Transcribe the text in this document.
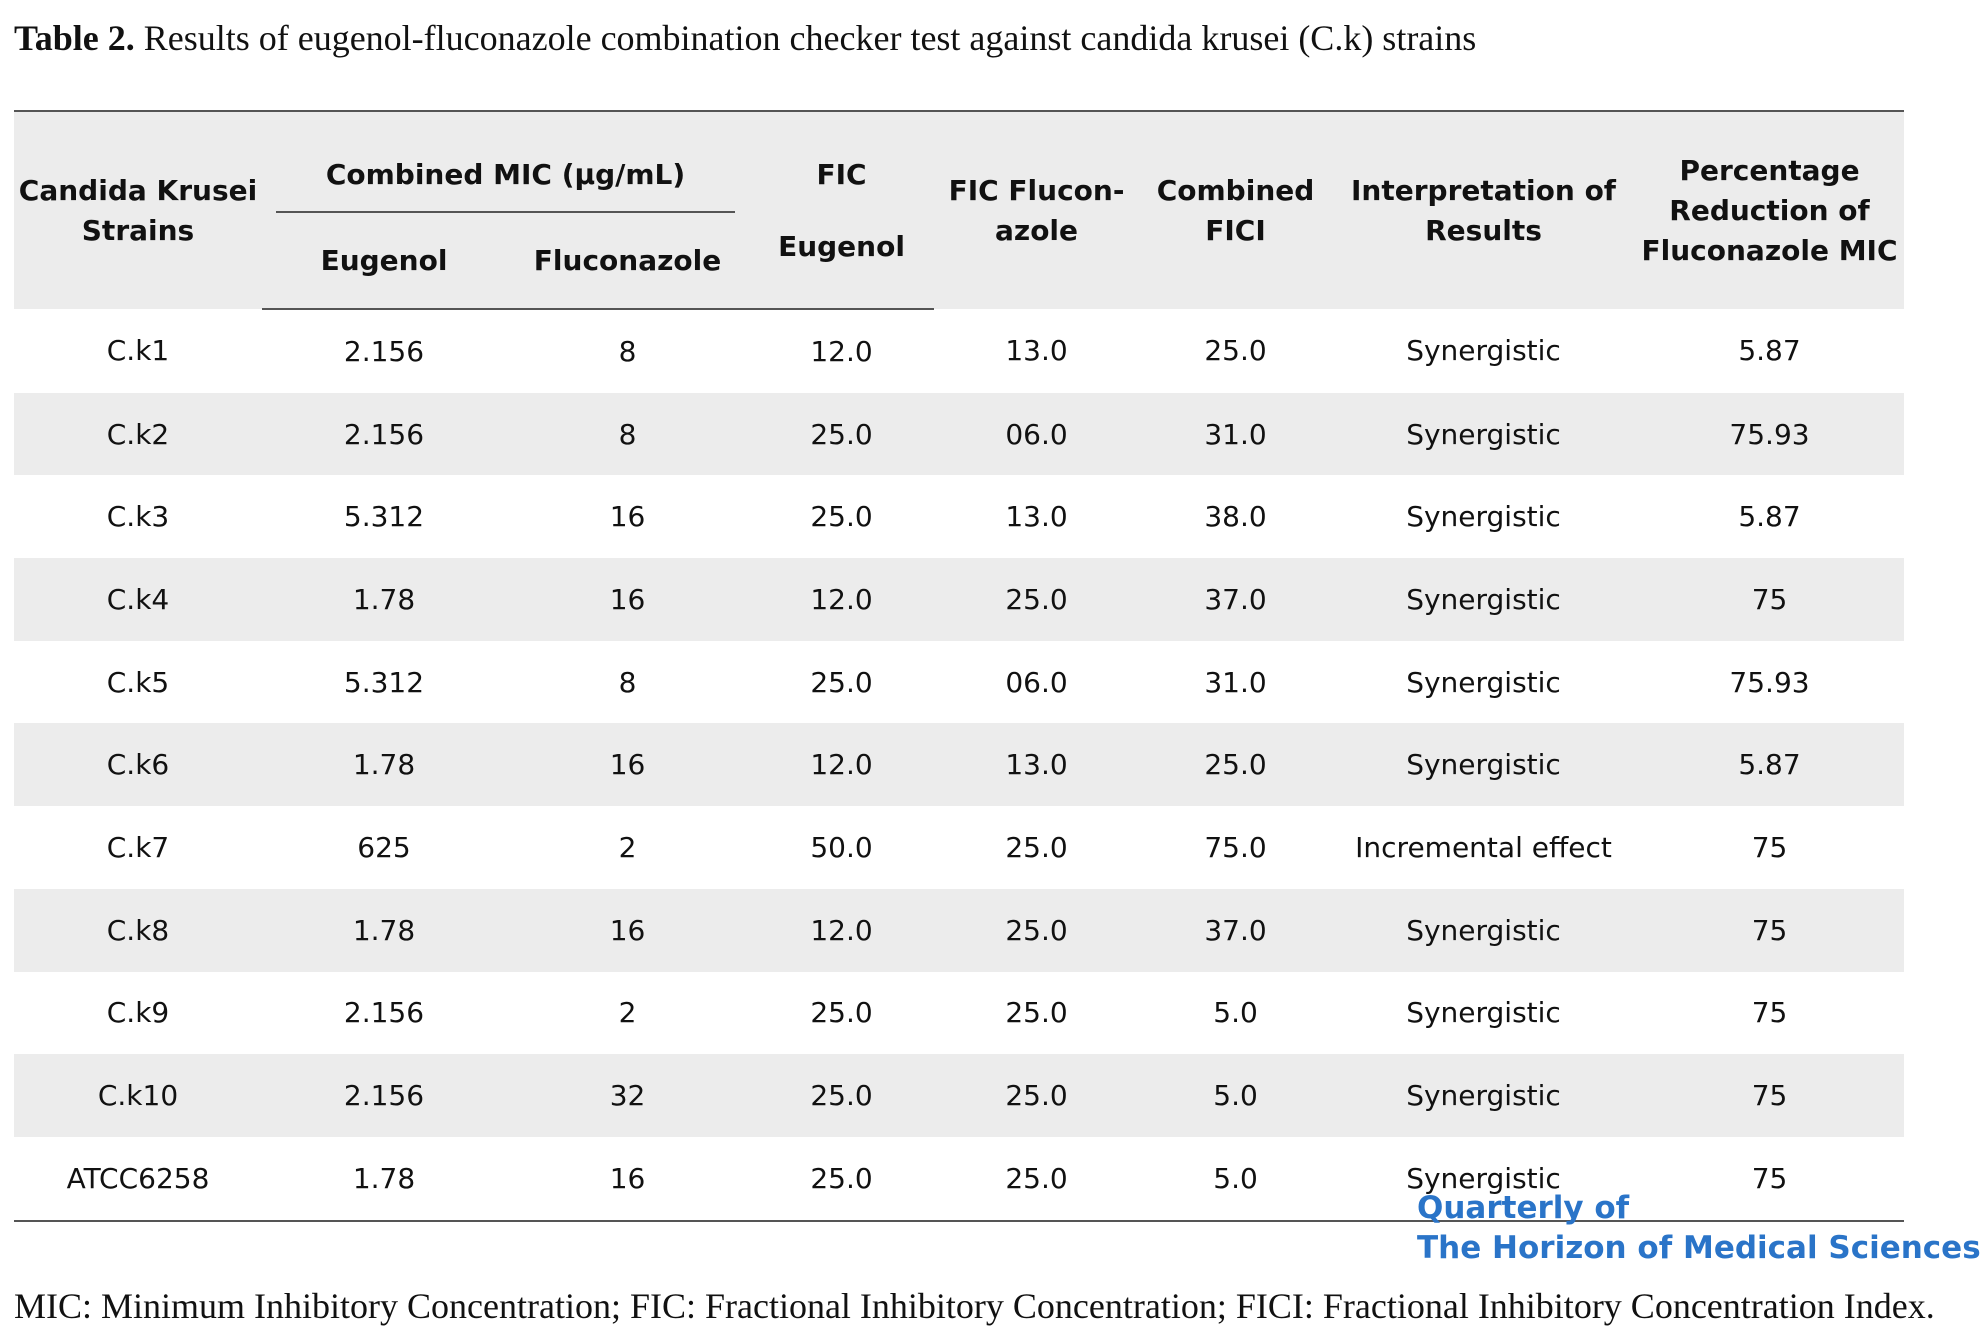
Table 2. Results of eugenol-fluconazole combination checker test against candida krusei (C.k) strains
Candida Krusei Strains	Combined MIC (μg/mL)		FIC	FIC Flucon-azole	Combined FICI	Interpretation of Results	Percentage Reduction of Fluconazole MIC
	Eugenol	Fluconazole	Eugenol				
C.k1	2.156	8	12.0	13.0	25.0	Synergistic	5.87
C.k2	2.156	8	25.0	06.0	31.0	Synergistic	75.93
C.k3	5.312	16	25.0	13.0	38.0	Synergistic	5.87
C.k4	1.78	16	12.0	25.0	37.0	Synergistic	75
C.k5	5.312	8	25.0	06.0	31.0	Synergistic	75.93
C.k6	1.78	16	12.0	13.0	25.0	Synergistic	5.87
C.k7	625	2	50.0	25.0	75.0	Incremental effect	75
C.k8	1.78	16	12.0	25.0	37.0	Synergistic	75
C.k9	2.156	2	25.0	25.0	5.0	Synergistic	75
C.k10	2.156	32	25.0	25.0	5.0	Synergistic	75
ATCC6258	1.78	16	25.0	25.0	5.0	Synergistic	75
Quarterly of
The Horizon of Medical Sciences
MIC: Minimum Inhibitory Concentration; FIC: Fractional Inhibitory Concentration; FICI: Fractional Inhibitory Concentration Index.
